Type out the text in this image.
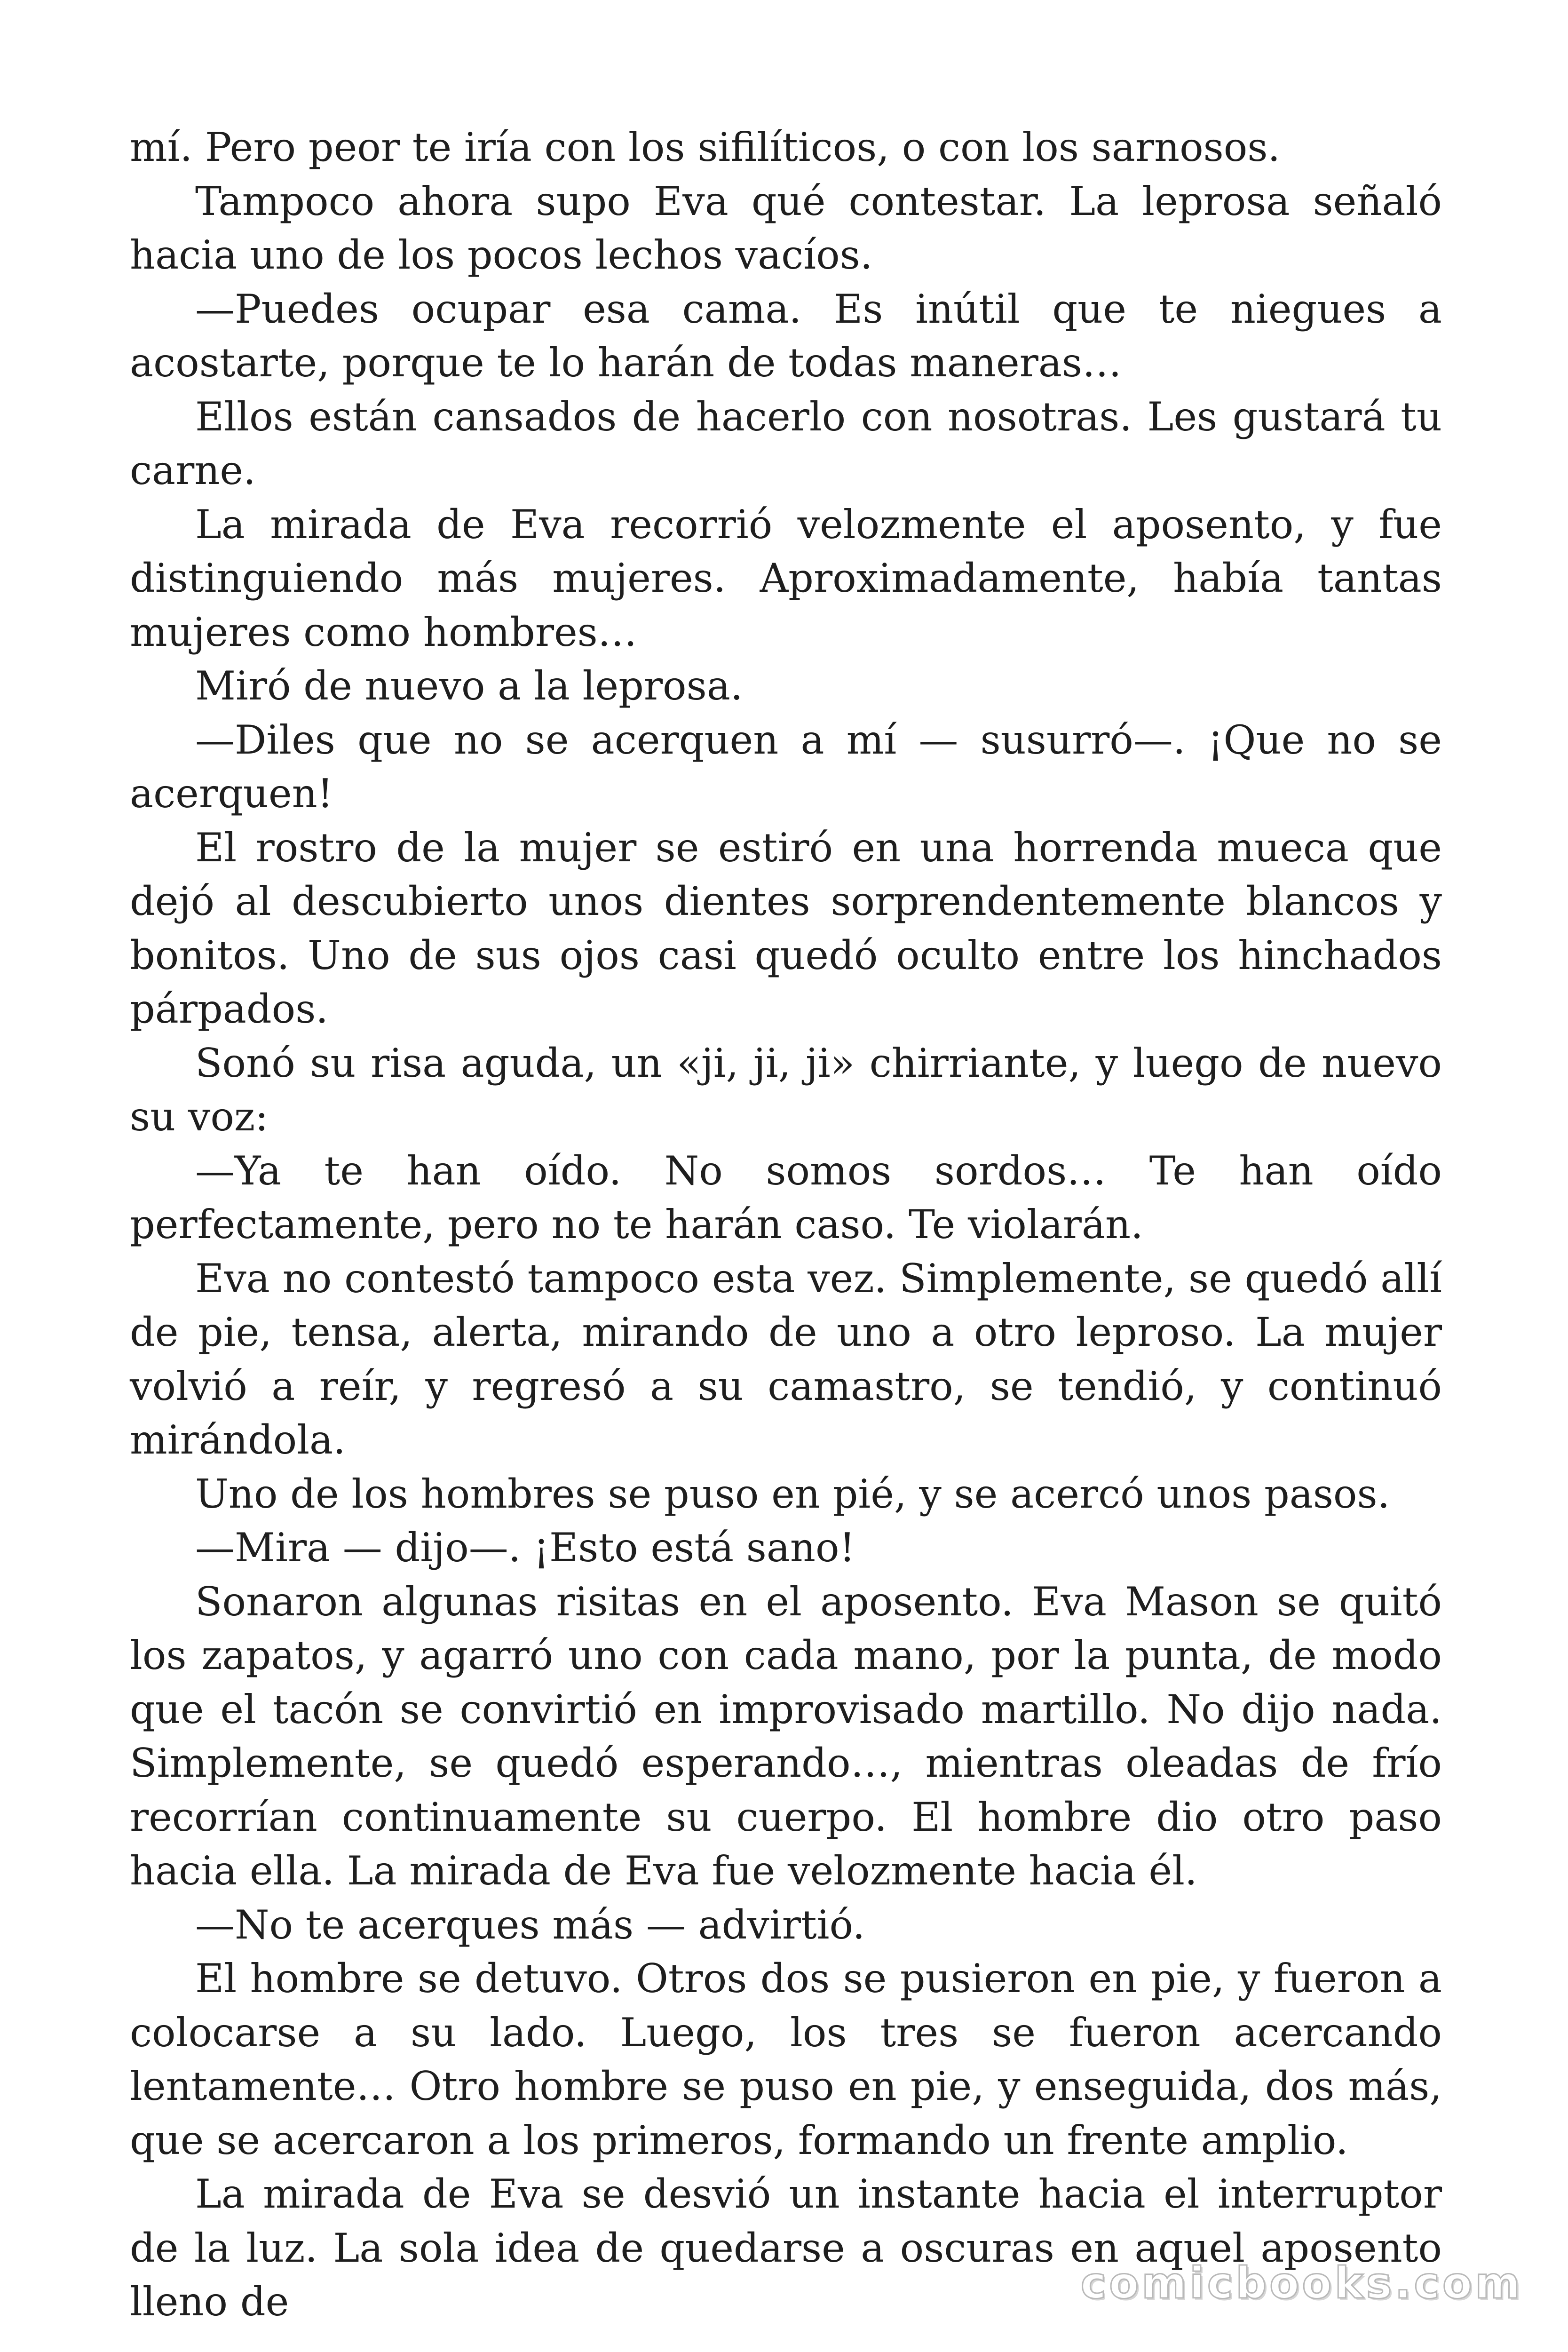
mí. Pero peor te iría con los sifilíticos, o con los sarnosos.

Tampoco ahora supo Eva qué contestar. La leprosa señaló hacia uno de los pocos lechos vacíos.

—Puedes ocupar esa cama. Es inútil que te niegues a acostarte, porque te lo harán de todas maneras…

Ellos están cansados de hacerlo con nosotras. Les gustará tu carne.

La mirada de Eva recorrió velozmente el aposento, y fue distinguiendo más mujeres. Aproximadamente, había tantas mujeres como hombres…

Miró de nuevo a la leprosa.

—Diles que no se acerquen a mí — susurró—. ¡Que no se acerquen!

El rostro de la mujer se estiró en una horrenda mueca que dejó al descubierto unos dientes sorprendentemente blancos y bonitos. Uno de sus ojos casi quedó oculto entre los hinchados párpados.

Sonó su risa aguda, un «ji, ji, ji» chirriante, y luego de nuevo su voz:

—Ya te han oído. No somos sordos… Te han oído perfectamente, pero no te harán caso. Te violarán.

Eva no contestó tampoco esta vez. Simplemente, se quedó allí de pie, tensa, alerta, mirando de uno a otro leproso. La mujer volvió a reír, y regresó a su camastro, se tendió, y continuó mirándola.

Uno de los hombres se puso en pié, y se acercó unos pasos.

—Mira — dijo—. ¡Esto está sano!

Sonaron algunas risitas en el aposento. Eva Mason se quitó los zapatos, y agarró uno con cada mano, por la punta, de modo que el tacón se convirtió en improvisado martillo. No dijo nada. Simplemente, se quedó esperando…, mientras oleadas de frío recorrían continuamente su cuerpo. El hombre dio otro paso hacia ella. La mirada de Eva fue velozmente hacia él.

—No te acerques más — advirtió.

El hombre se detuvo. Otros dos se pusieron en pie, y fueron a colocarse a su lado. Luego, los tres se fueron acercando lentamente… Otro hombre se puso en pie, y enseguida, dos más, que se acercaron a los primeros, formando un frente amplio.

La mirada de Eva se desvió un instante hacia el interruptor de la luz. La sola idea de quedarse a oscuras en aquel aposento lleno de	comicbooks.com
